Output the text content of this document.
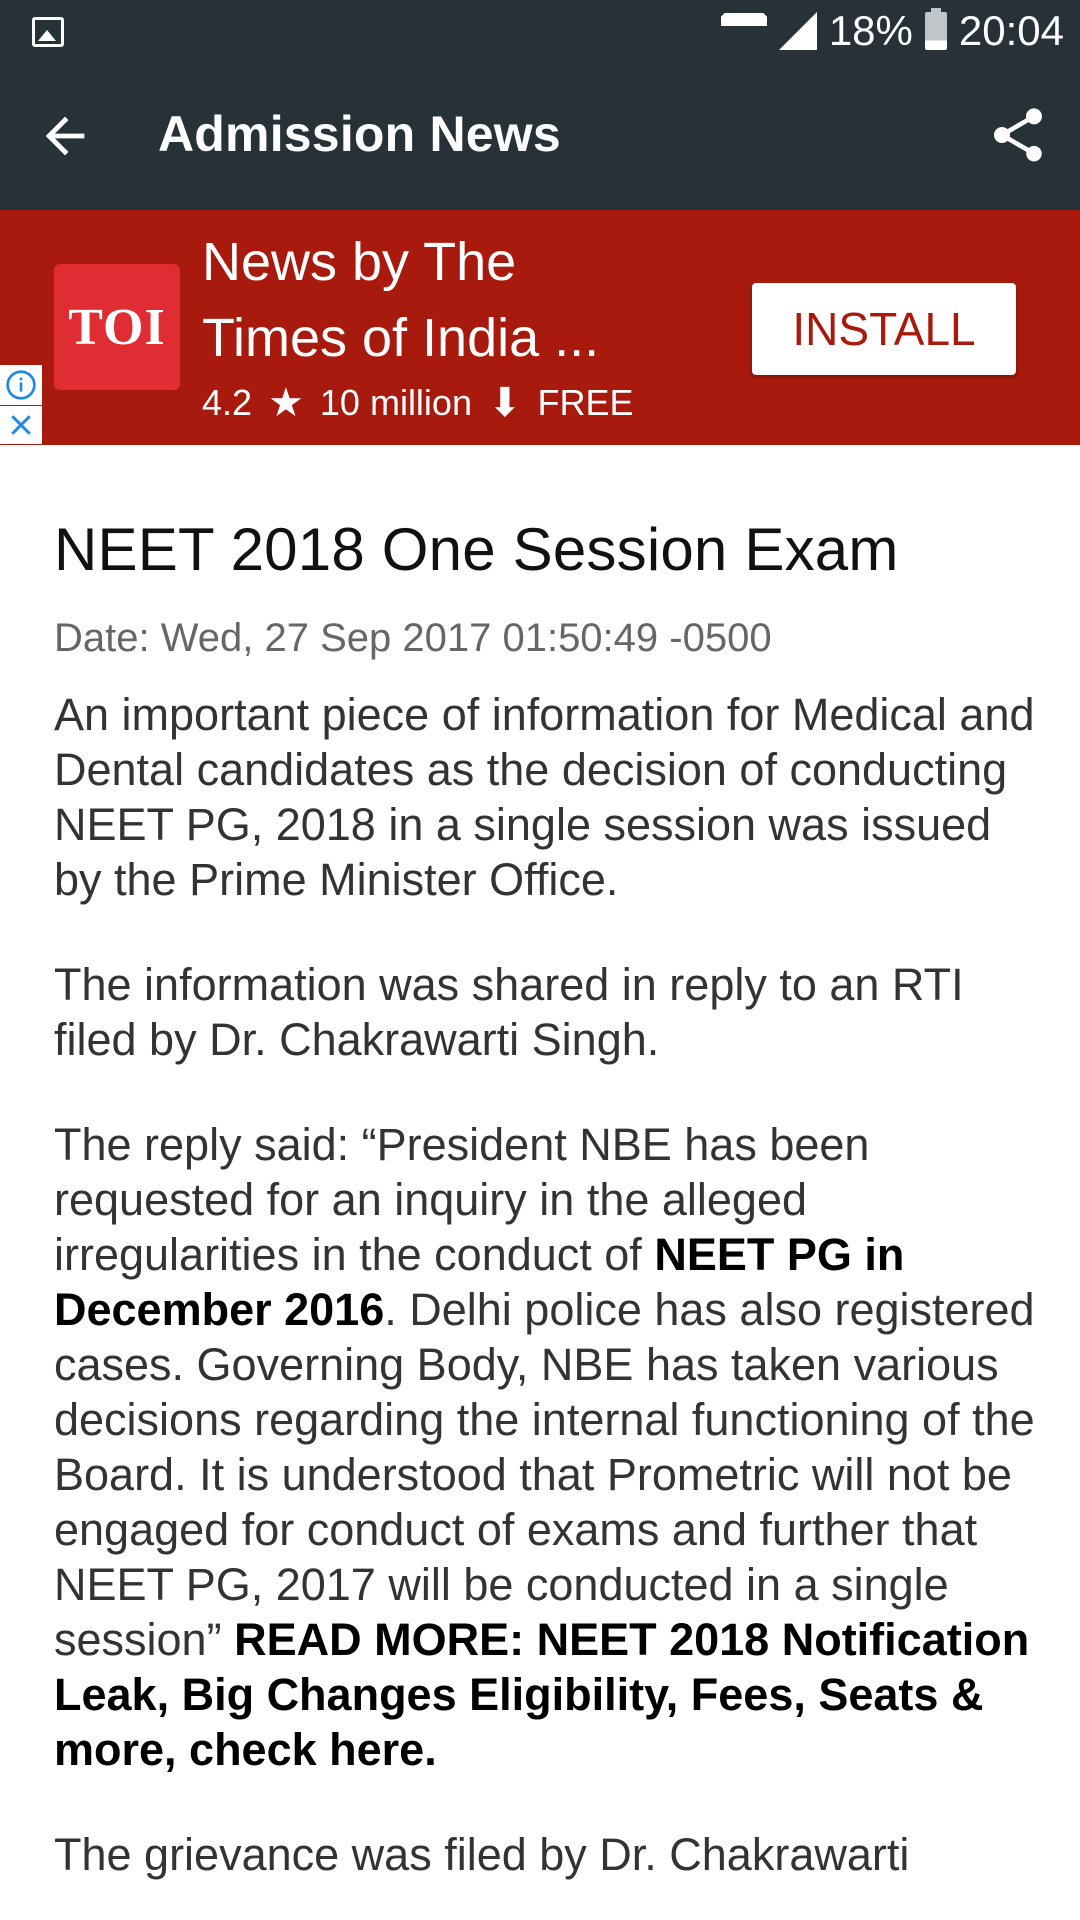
18% 20:04
Admission News
TOI
News by The
Times of India ...
4.2 ★ 10 million ⬇ FREE
INSTALL
NEET 2018 One Session Exam
Date: Wed, 27 Sep 2017 01:50:49 -0500

An important piece of information for Medical and Dental candidates as the decision of conducting NEET PG, 2018 in a single session was issued by the Prime Minister Office.

The information was shared in reply to an RTI filed by Dr. Chakrawarti Singh.

The reply said: “President NBE has been requested for an inquiry in the alleged irregularities in the conduct of NEET PG in December 2016. Delhi police has also registered cases. Governing Body, NBE has taken various decisions regarding the internal functioning of the Board. It is understood that Prometric will not be engaged for conduct of exams and further that NEET PG, 2017 will be conducted in a single session” READ MORE: NEET 2018 Notification Leak, Big Changes Eligibility, Fees, Seats & more, check here.

The grievance was filed by Dr. Chakrawarti
